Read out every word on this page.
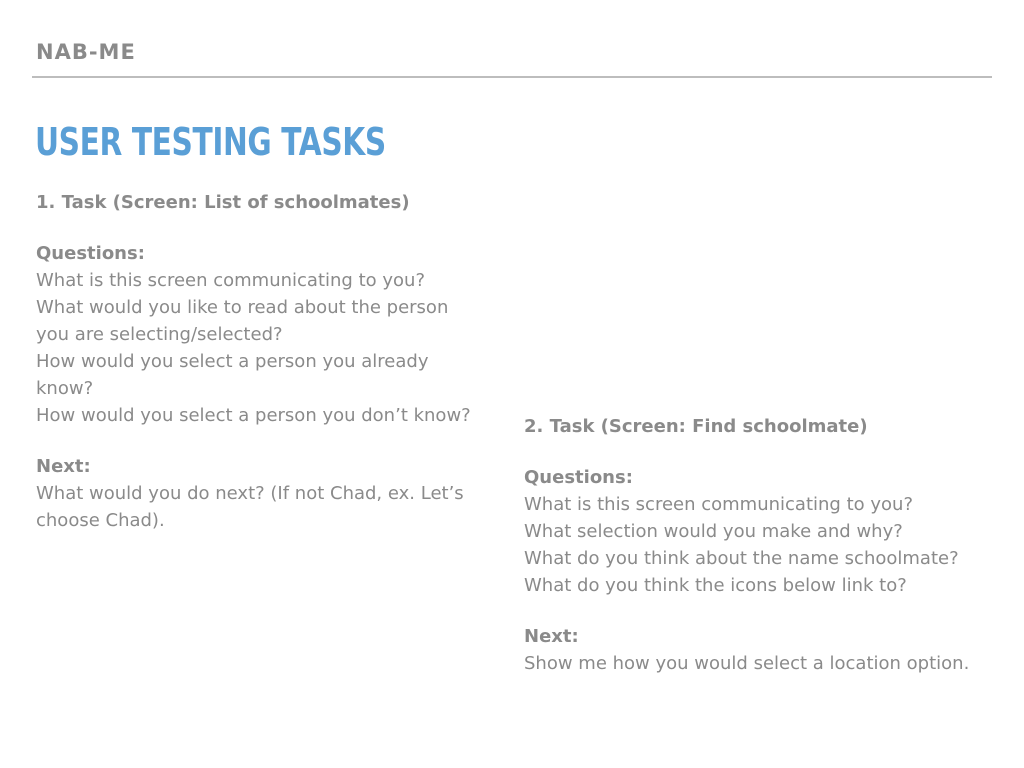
NAB-ME
USER TESTING TASKS

1. Task (Screen: List of schoolmates)

Questions:

What is this screen communicating to you?

What would you like to read about the person you are selecting/selected?

How would you select a person you already know?

How would you select a person you don’t know?

Next:

What would you do next? (If not Chad, ex. Let’s choose Chad).

2. Task (Screen: Find schoolmate)

Questions:

What is this screen communicating to you?

What selection would you make and why?

What do you think about the name schoolmate?

What do you think the icons below link to?

Next:

Show me how you would select a location option.
